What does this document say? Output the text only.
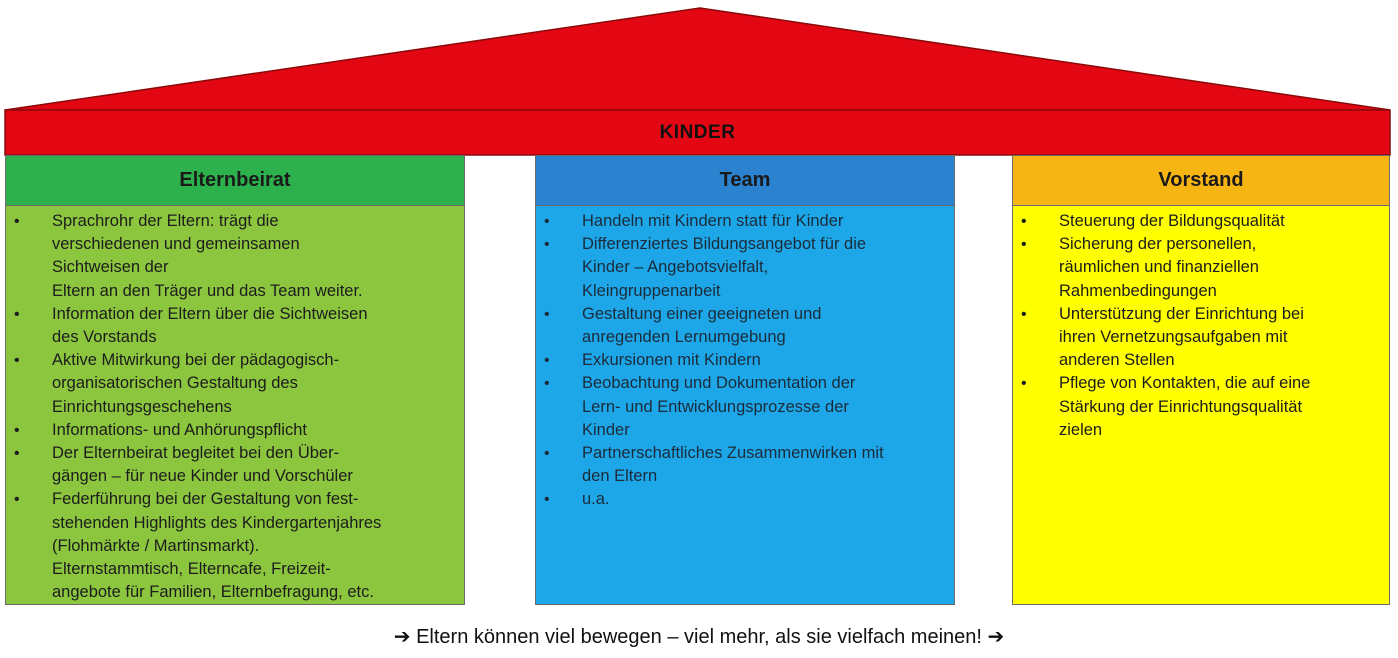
KINDER
Elternbeirat
• Sprachrohr der Eltern: trägt die
verschiedenen und gemeinsamen
Sichtweisen der
Eltern an den Träger und das Team weiter.
• Information der Eltern über die Sichtweisen
des Vorstands
• Aktive Mitwirkung bei der pädagogisch-
organisatorischen Gestaltung des
Einrichtungsgeschehens
• Informations- und Anhörungspflicht
• Der Elternbeirat begleitet bei den Über-
gängen – für neue Kinder und Vorschüler
• Federführung bei der Gestaltung von fest-
stehenden Highlights des Kindergartenjahres
(Flohmärkte / Martinsmarkt).
Elternstammtisch, Elterncafe, Freizeit-
angebote für Familien, Elternbefragung, etc.
Team
• Handeln mit Kindern statt für Kinder
• Differenziertes Bildungsangebot für die
Kinder – Angebotsvielfalt,
Kleingruppenarbeit
• Gestaltung einer geeigneten und
anregenden Lernumgebung
• Exkursionen mit Kindern
• Beobachtung und Dokumentation der
Lern- und Entwicklungsprozesse der
Kinder
• Partnerschaftliches Zusammenwirken mit
den Eltern
• u.a.
Vorstand
• Steuerung der Bildungsqualität
• Sicherung der personellen,
räumlichen und finanziellen
Rahmenbedingungen
• Unterstützung der Einrichtung bei
ihren Vernetzungsaufgaben mit
anderen Stellen
• Pflege von Kontakten, die auf eine
Stärkung der Einrichtungsqualität
zielen
➔ Eltern können viel bewegen – viel mehr, als sie vielfach meinen! ➔
